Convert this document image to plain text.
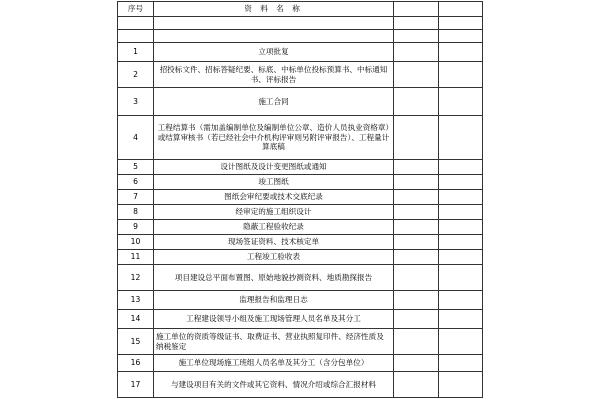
序号	资 料 名 称		

1	立项批复		
2	招投标文件、招标答疑纪要、标底、中标单位投标预算书、中标通知书、评标报告		
3	施工合同		
4	工程结算书（需加盖编制单位及编制单位公章、造价人员执业资格章）或结算审核书（若已经社会中介机构评审则另附评审报告）、工程量计算底稿		
5	设计图纸及设计变更图纸或通知		
6	竣工图纸		
7	图纸会审纪要或技术交底纪录		
8	经审定的施工组织设计		
9	隐蔽工程验收纪录		
10	现场签证资料、技术核定单		
11	工程竣工验收表		
12	项目建设总平面布置图、原始地貌抄测资料、地质勘探报告		
13	监理报告和监理日志		
14	工程建设领导小组及施工现场管理人员名单及其分工		
15	施工单位的资质等级证书、取费证书、营业执照复印件、经济性质及纳税鉴定		
16	施工单位现场施工班组人员名单及其分工（含分包单位）		
17	与建设项目有关的文件或其它资料、情况介绍或综合汇报材料		
